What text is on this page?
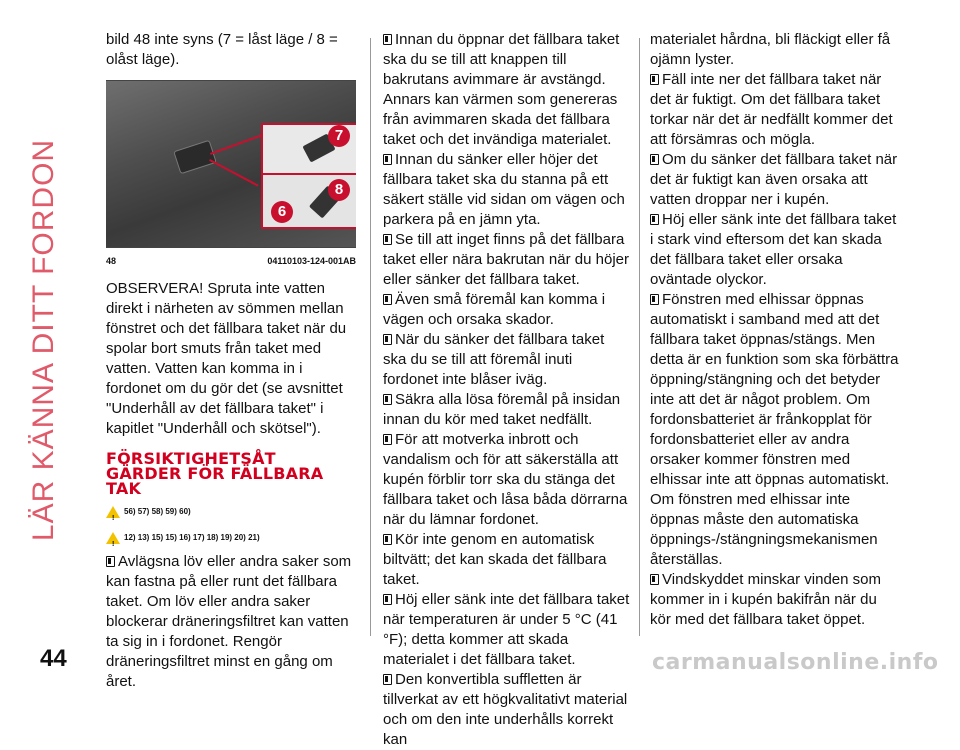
LÄR KÄNNA DITT FORDON

bild 48 inte syns (7 = låst läge / 8 = olåst läge).

7
8
6
48	04110103-124-001AB

OBSERVERA! Spruta inte vatten direkt i närheten av sömmen mellan fönstret och det fällbara taket när du spolar bort smuts från taket med vatten. Vatten kan komma in i fordonet om du gör det (se avsnittet "Underhåll av det fällbara taket" i kapitlet "Underhåll och skötsel").

FÖRSIKTIGHETSÅT GÄRDER FÖR FÄLLBARA TAK
!
56) 57) 58) 59) 60)
!
12) 13) 15) 15) 16) 17) 18) 19) 20) 21)

Avlägsna löv eller andra saker som kan fastna på eller runt det fällbara taket. Om löv eller andra saker blockerar dräneringsfiltret kan vatten ta sig in i fordonet. Rengör dräneringsfiltret minst en gång om året.

Innan du öppnar det fällbara taket ska du se till att knappen till bakrutans avimmare är avstängd. Annars kan värmen som genereras från avimmaren skada det fällbara taket och det invändiga materialet.

Innan du sänker eller höjer det fällbara taket ska du stanna på ett säkert ställe vid sidan om vägen och parkera på en jämn yta.

Se till att inget finns på det fällbara taket eller nära bakrutan när du höjer eller sänker det fällbara taket.

Även små föremål kan komma i vägen och orsaka skador.

När du sänker det fällbara taket ska du se till att föremål inuti fordonet inte blåser iväg.

Säkra alla lösa föremål på insidan innan du kör med taket nedfällt.

För att motverka inbrott och vandalism och för att säkerställa att kupén förblir torr ska du stänga det fällbara taket och låsa båda dörrarna när du lämnar fordonet.

Kör inte genom en automatisk biltvätt; det kan skada det fällbara taket.

Höj eller sänk inte det fällbara taket när temperaturen är under 5 °C (41 °F); detta kommer att skada materialet i det fällbara taket.

Den konvertibla suffletten är tillverkat av ett högkvalitativt material och om den inte underhålls korrekt kan

materialet hårdna, bli fläckigt eller få ojämn lyster.

Fäll inte ner det fällbara taket när det är fuktigt. Om det fällbara taket torkar när det är nedfällt kommer det att försämras och mögla.

Om du sänker det fällbara taket när det är fuktigt kan även orsaka att vatten droppar ner i kupén.

Höj eller sänk inte det fällbara taket i stark vind eftersom det kan skada det fällbara taket eller orsaka oväntade olyckor.

Fönstren med elhissar öppnas automatiskt i samband med att det fällbara taket öppnas/stängs. Men detta är en funktion som ska förbättra öppning/stängning och det betyder inte att det är något problem. Om fordonsbatteriet är frånkopplat för fordonsbatteriet eller av andra orsaker kommer fönstren med elhissar inte att öppnas automatiskt. Om fönstren med elhissar inte öppnas måste den automatiska öppnings-/stängningsmekanismen återställas.

Vindskyddet minskar vinden som kommer in i kupén bakifrån när du kör med det fällbara taket öppet.

44	carmanualsonline.info
